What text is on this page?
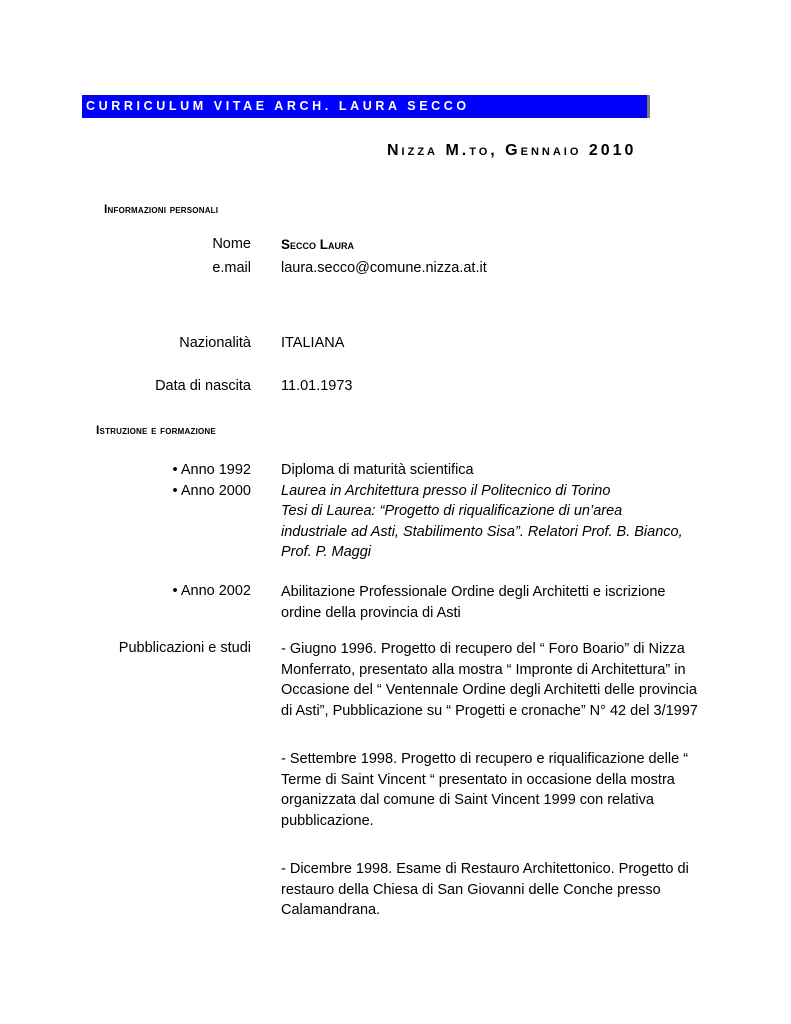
CURRICULUM VITAE ARCH. LAURA SECCO
Nizza M.to, Gennaio 2010
Informazioni personali
Nome Secco Laura
e.mail laura.secco@comune.nizza.at.it
Nazionalità ITALIANA
Data di nascita 11.01.1973
Istruzione e formazione
• Anno 1992 Diploma di maturità scientifica
• Anno 2000 Laurea in Architettura presso il Politecnico di Torino
Tesi di Laurea: “Progetto di riqualificazione di un’area industriale ad Asti, Stabilimento Sisa”. Relatori Prof. B. Bianco, Prof. P. Maggi
• Anno 2002 Abilitazione Professionale Ordine degli Architetti e iscrizione ordine della provincia di Asti
Pubblicazioni e studi - Giugno 1996. Progetto di recupero del “ Foro Boario” di Nizza Monferrato, presentato alla mostra “ Impronte di Architettura” in Occasione del “ Ventennale Ordine degli Architetti delle provincia di Asti”, Pubblicazione su “ Progetti e cronache” N° 42 del 3/1997
- Settembre 1998. Progetto di recupero e riqualificazione delle “ Terme di Saint Vincent “ presentato in occasione della mostra organizzata dal comune di Saint Vincent 1999 con relativa pubblicazione.
- Dicembre 1998. Esame di Restauro Architettonico. Progetto di restauro della Chiesa di San Giovanni delle Conche presso Calamandrana.
